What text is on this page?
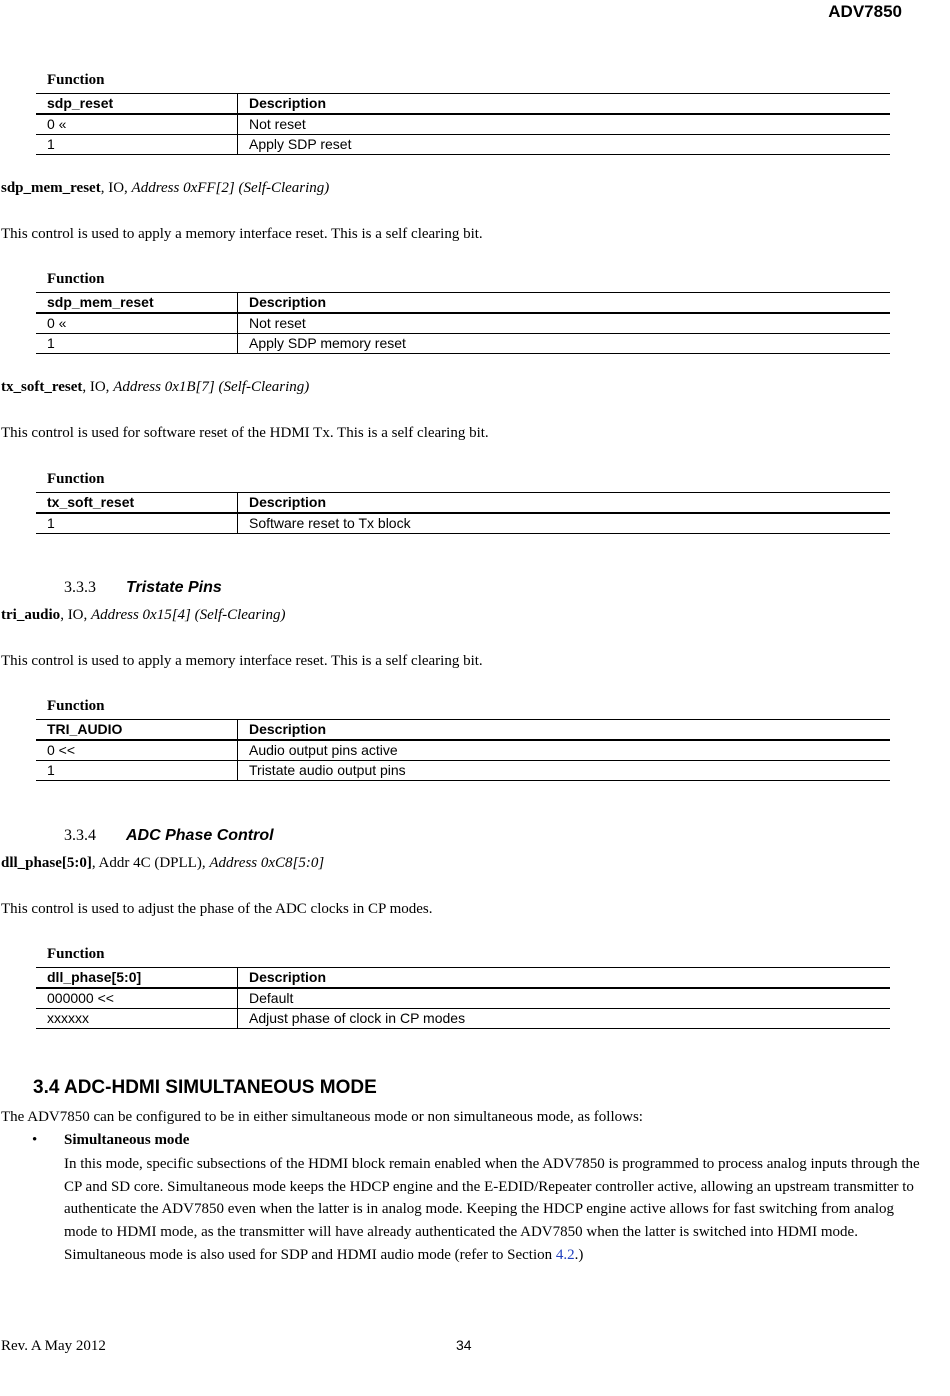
ADV7850
Function
sdp_reset	Description
0 «	Not reset
1	Apply SDP reset
sdp_mem_reset, IO, Address 0xFF[2] (Self-Clearing)
This control is used to apply a memory interface reset. This is a self clearing bit.
Function
sdp_mem_reset	Description
0 «	Not reset
1	Apply SDP memory reset
tx_soft_reset, IO, Address 0x1B[7] (Self-Clearing)
This control is used for software reset of the HDMI Tx. This is a self clearing bit.
Function
tx_soft_reset	Description
1	Software reset to Tx block
3.3.3 Tristate Pins
tri_audio, IO, Address 0x15[4] (Self-Clearing)
This control is used to apply a memory interface reset. This is a self clearing bit.
Function
TRI_AUDIO	Description
0 <<	Audio output pins active
1	Tristate audio output pins
3.3.4 ADC Phase Control
dll_phase[5:0], Addr 4C (DPLL), Address 0xC8[5:0]
This control is used to adjust the phase of the ADC clocks in CP modes.
Function
dll_phase[5:0]	Description
000000 <<	Default
xxxxxx	Adjust phase of clock in CP modes
3.4 ADC-HDMI SIMULTANEOUS MODE
The ADV7850 can be configured to be in either simultaneous mode or non simultaneous mode, as follows:
• Simultaneous mode
In this mode, specific subsections of the HDMI block remain enabled when the ADV7850 is programmed to process analog inputs through the CP and SD core. Simultaneous mode keeps the HDCP engine and the E-EDID/Repeater controller active, allowing an upstream transmitter to authenticate the ADV7850 even when the latter is in analog mode. Keeping the HDCP engine active allows for fast switching from analog mode to HDMI mode, as the transmitter will have already authenticated the ADV7850 when the latter is switched into HDMI mode. Simultaneous mode is also used for SDP and HDMI audio mode (refer to Section 4.2.)
Rev. A May 2012	34
